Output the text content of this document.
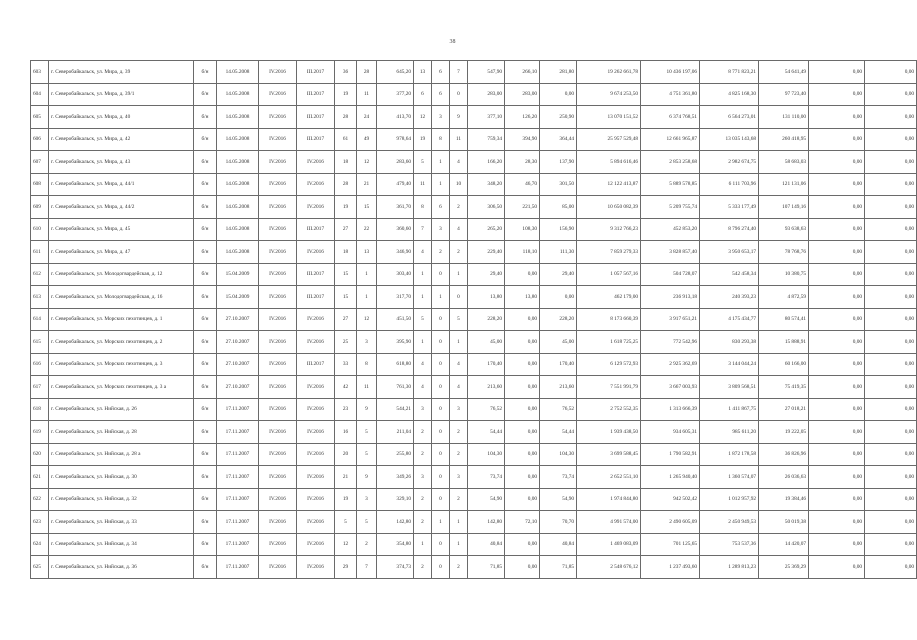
38
603	г. Северобайкальск, ул. Мира, д. 39	б/н	14.05.2008	IV.2016	III.2017	36	28	645,20	13	6	7	547,90	266,10	281,80	19 262 661,78	10 436 197,06	8 771 823,21	54 641,49	0,00	0,00
604	г. Северобайкальск, ул. Мира, д. 39/1	б/н	14.05.2008	IV.2016	III.2017	19	11	377,20	6	6	0	283,00	283,00	0,00	9 674 253,50	4 751 361,80	4 825 168,30	97 723,40	0,00	0,00
605	г. Северобайкальск, ул. Мира, д. 40	б/н	14.05.2008	IV.2016	III.2017	28	24	413,70	12	3	9	377,10	126,20	250,90	13 070 151,52	6 374 768,51	6 564 273,01	131 110,00	0,00	0,00
606	г. Северобайкальск, ул. Мира, д. 42	б/н	14.05.2008	IV.2016	III.2017	61	49	978,64	19	8	11	759,34	394,90	364,44	25 957 529,48	12 661 965,87	13 035 143,68	260 418,95	0,00	0,00
607	г. Северобайкальск, ул. Мира, д. 43	б/н	14.05.2008	IV.2016	IV.2016	18	12	283,60	5	1	4	166,20	28,30	137,90	5 894 616,46	2 853 258,68	2 982 674,75	58 683,03	0,00	0,00
608	г. Северобайкальск, ул. Мира, д. 44/1	б/н	14.05.2008	IV.2016	IV.2016	28	21	479,40	11	1	10	348,20	46,70	301,50	12 122 413,87	5 889 578,85	6 111 703,96	121 131,06	0,00	0,00
609	г. Северобайкальск, ул. Мира, д. 44/2	б/н	14.05.2008	IV.2016	IV.2016	19	15	361,70	8	6	2	306,50	221,50	85,00	10 650 082,39	5 209 755,74	5 333 177,49	107 149,16	0,00	0,00
610	г. Северобайкальск, ул. Мира, д. 45	б/н	14.05.2008	IV.2016	III.2017	27	22	360,60	7	3	4	265,20	108,30	156,90	9 312 766,23	452 853,20	8 796 274,40	93 638,63	0,00	0,00
611	г. Северобайкальск, ул. Мира, д. 47	б/н	14.05.2008	IV.2016	IV.2016	18	13	346,90	4	2	2	229,40	118,10	111,30	7 859 279,33	3 828 857,40	3 950 653,17	78 768,76	0,00	0,00
612	г. Северобайкальск, ул. Молодогвардейская, д. 12	б/н	15.04.2009	IV.2016	III.2017	15	1	303,40	1	0	1	29,40	0,00	29,40	1 057 567,16	504 728,07	542 458,34	10 380,75	0,00	0,00
613	г. Северобайкальск, ул. Молодогвардейская, д. 16	б/н	15.04.2009	IV.2016	III.2017	15	1	317,70	1	1	0	13,80	13,80	0,00	462 179,00	236 913,18	240 393,23	4 872,59	0,00	0,00
614	г. Северобайкальск, ул. Морских пехотинцев, д. 1	б/н	27.10.2007	IV.2016	IV.2016	27	12	451,50	5	0	5	228,20	0,00	228,20	8 173 660,39	3 917 651,21	4 175 434,77	80 574,41	0,00	0,00
615	г. Северобайкальск, ул. Морских пехотинцев, д. 2	б/н	27.10.2007	IV.2016	IV.2016	25	3	395,90	1	0	1	45,00	0,00	45,00	1 618 725,25	772 542,96	830 293,38	15 888,91	0,00	0,00
616	г. Северобайкальск, ул. Морских пехотинцев, д. 3	б/н	27.10.2007	IV.2016	III.2017	33	8	618,80	4	0	4	170,40	0,00	170,40	6 129 572,93	2 925 362,69	3 144 044,24	60 166,00	0,00	0,00
617	г. Северобайкальск, ул. Морских пехотинцев, д. 3 а	б/н	27.10.2007	IV.2016	IV.2016	42	11	761,30	4	0	4	213,60	0,00	213,60	7 551 991,79	3 667 003,93	3 809 568,51	75 419,35	0,00	0,00
618	г. Северобайкальск, ул. Нийская, д. 26	б/н	17.11.2007	IV.2016	IV.2016	23	9	544,21	3	0	3	76,52	0,00	76,52	2 752 552,35	1 313 666,39	1 411 867,75	27 018,21	0,00	0,00
619	г. Северобайкальск, ул. Нийская, д. 28	б/н	17.11.2007	IV.2016	IV.2016	16	5	211,04	2	0	2	54,44	0,00	54,44	1 939 438,50	934 605,31	985 611,20	19 222,05	0,00	0,00
620	г. Северобайкальск, ул. Нийская, д. 28 а	б/н	17.11.2007	IV.2016	IV.2016	20	5	255,80	2	0	2	104,30	0,00	104,30	3 699 588,45	1 790 582,91	1 872 178,58	36 826,96	0,00	0,00
621	г. Северобайкальск, ул. Нийская, д. 30	б/н	17.11.2007	IV.2016	IV.2016	21	9	349,26	3	0	3	73,74	0,00	73,74	2 652 551,10	1 265 940,40	1 360 574,07	26 036,63	0,00	0,00
622	г. Северобайкальск, ул. Нийская, д. 32	б/н	17.11.2007	IV.2016	IV.2016	19	3	329,10	2	0	2	54,90	0,00	54,90	1 974 844,80	942 502,42	1 012 957,92	19 384,46	0,00	0,00
623	г. Северобайкальск, ул. Нийская, д. 33	б/н	17.11.2007	IV.2016	IV.2016	5	5	142,80	2	1	1	142,80	72,10	70,70	4 991 574,00	2 490 605,09	2 450 949,53	50 019,38	0,00	0,00
624	г. Северобайкальск, ул. Нийская, д. 34	б/н	17.11.2007	IV.2016	IV.2016	12	2	354,80	1	0	1	40,84	0,00	40,84	1 469 083,09	701 125,65	753 537,36	14 420,07	0,00	0,00
625	г. Северобайкальск, ул. Нийская, д. 36	б/н	17.11.2007	IV.2016	IV.2016	29	7	374,73	2	0	2	71,85	0,00	71,85	2 548 676,12	1 237 493,60	1 289 813,23	25 369,29	0,00	0,00
